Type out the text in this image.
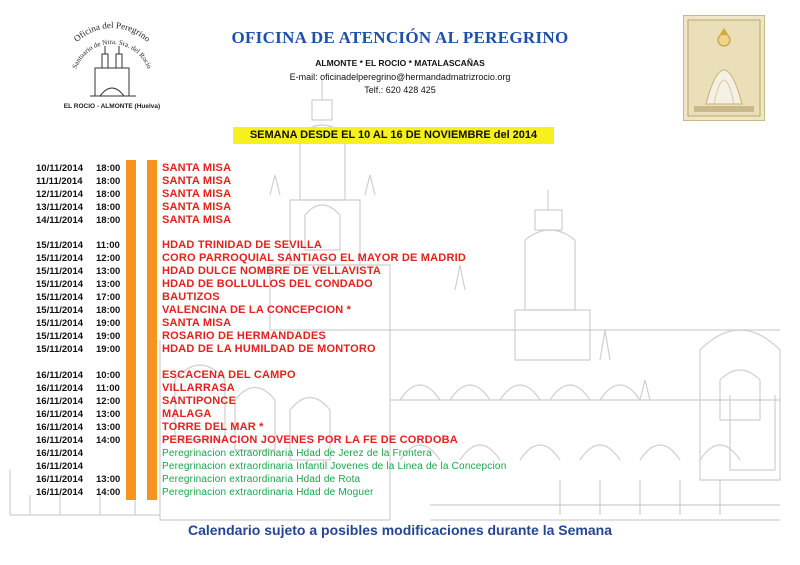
Oficina del Peregrino
Santuario de Ntra. Sra. del Rocío
EL ROCIO - ALMONTE (Huelva)
OFICINA DE ATENCIÓN AL PEREGRINO
ALMONTE * EL ROCIO * MATALASCAÑAS
E-mail: oficinadelperegrino@hermandadmatrizrocio.org
Telf.: 620 428 425
SEMANA DESDE EL 10 AL 16 DE NOVIEMBRE del 2014
10/11/2014 18:00	SANTA MISA
11/11/2014 18:00	SANTA MISA
12/11/2014 18:00	SANTA MISA
13/11/2014 18:00	SANTA MISA
14/11/2014 18:00	SANTA MISA
15/11/2014 11:00	HDAD TRINIDAD DE SEVILLA
15/11/2014 12:00	CORO PARROQUIAL SANTIAGO EL MAYOR DE MADRID
15/11/2014 13:00	HDAD DULCE NOMBRE DE VELLAVISTA
15/11/2014 13:00	HDAD DE BOLLULLOS DEL CONDADO
15/11/2014 17:00	BAUTIZOS
15/11/2014 18:00	VALENCINA DE LA CONCEPCION *
15/11/2014 19:00	SANTA MISA
15/11/2014 19:00	ROSARIO DE HERMANDADES
15/11/2014 19:00	HDAD DE LA HUMILDAD DE MONTORO
16/11/2014 10:00	ESCACENA DEL CAMPO
16/11/2014 11:00	VILLARRASA
16/11/2014 12:00	SANTIPONCE
16/11/2014 13:00	MALAGA
16/11/2014 13:00	TORRE DEL MAR *
16/11/2014 14:00	PEREGRINACION JOVENES POR LA FE DE CORDOBA
16/11/2014	Peregrinacion extraordinaria Hdad de Jerez de la Frontera
16/11/2014	Peregrinacion extraordinaria Infantil Jovenes de la Linea de la Concepcion
16/11/2014 13:00	Peregrinacion extraordinaria Hdad de Rota
16/11/2014 14:00	Peregrinacion extraordinaria Hdad de Moguer
Calendario sujeto a posibles modificaciones durante la Semana
